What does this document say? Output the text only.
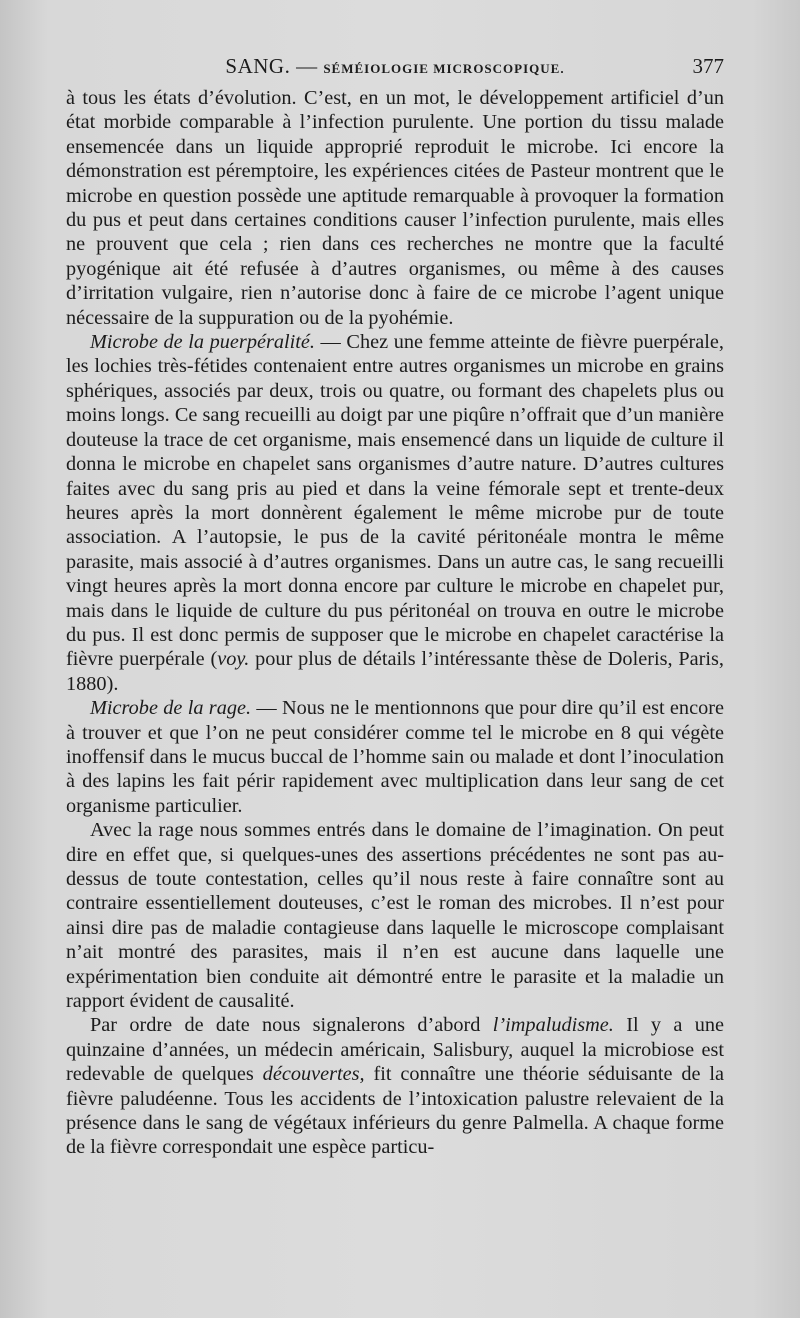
SANG. — SÉMÉIOLOGIE MICROSCOPIQUE.	377

à tous les états d’évolution. C’est, en un mot, le développement artificiel d’un état morbide comparable à l’infection purulente. Une portion du tissu malade ensemencée dans un liquide approprié reproduit le microbe. Ici encore la démonstration est péremptoire, les expériences citées de Pasteur montrent que le microbe en question possède une aptitude remarquable à provoquer la formation du pus et peut dans certaines conditions causer l’infection purulente, mais elles ne prouvent que cela ; rien dans ces recherches ne montre que la faculté pyogénique ait été refusée à d’autres organismes, ou même à des causes d’irritation vulgaire, rien n’autorise donc à faire de ce microbe l’agent unique nécessaire de la suppuration ou de la pyohémie.

Microbe de la puerpéralité. — Chez une femme atteinte de fièvre puerpérale, les lochies très-fétides contenaient entre autres organismes un microbe en grains sphériques, associés par deux, trois ou quatre, ou formant des chapelets plus ou moins longs. Ce sang recueilli au doigt par une piqûre n’offrait que d’un manière douteuse la trace de cet organisme, mais ensemencé dans un liquide de culture il donna le microbe en chapelet sans organismes d’autre nature. D’autres cultures faites avec du sang pris au pied et dans la veine fémorale sept et trente-deux heures après la mort donnèrent également le même microbe pur de toute association. A l’autopsie, le pus de la cavité péritonéale montra le même parasite, mais associé à d’autres organismes. Dans un autre cas, le sang recueilli vingt heures après la mort donna encore par culture le microbe en chapelet pur, mais dans le liquide de culture du pus péritonéal on trouva en outre le microbe du pus. Il est donc permis de supposer que le microbe en chapelet caractérise la fièvre puerpérale (voy. pour plus de détails l’intéressante thèse de Doleris, Paris, 1880).

Microbe de la rage. — Nous ne le mentionnons que pour dire qu’il est encore à trouver et que l’on ne peut considérer comme tel le microbe en 8 qui végète inoffensif dans le mucus buccal de l’homme sain ou malade et dont l’inoculation à des lapins les fait périr rapidement avec multiplication dans leur sang de cet organisme particulier.

Avec la rage nous sommes entrés dans le domaine de l’imagination. On peut dire en effet que, si quelques-unes des assertions précédentes ne sont pas au-dessus de toute contestation, celles qu’il nous reste à faire connaître sont au contraire essentiellement douteuses, c’est le roman des microbes. Il n’est pour ainsi dire pas de maladie contagieuse dans laquelle le microscope complaisant n’ait montré des parasites, mais il n’en est aucune dans laquelle une expérimentation bien conduite ait démontré entre le parasite et la maladie un rapport évident de causalité.

Par ordre de date nous signalerons d’abord l’impaludisme. Il y a une quinzaine d’années, un médecin américain, Salisbury, auquel la microbiose est redevable de quelques découvertes, fit connaître une théorie séduisante de la fièvre paludéenne. Tous les accidents de l’intoxication palustre relevaient de la présence dans le sang de végétaux inférieurs du genre Palmella. A chaque forme de la fièvre correspondait une espèce particu-
